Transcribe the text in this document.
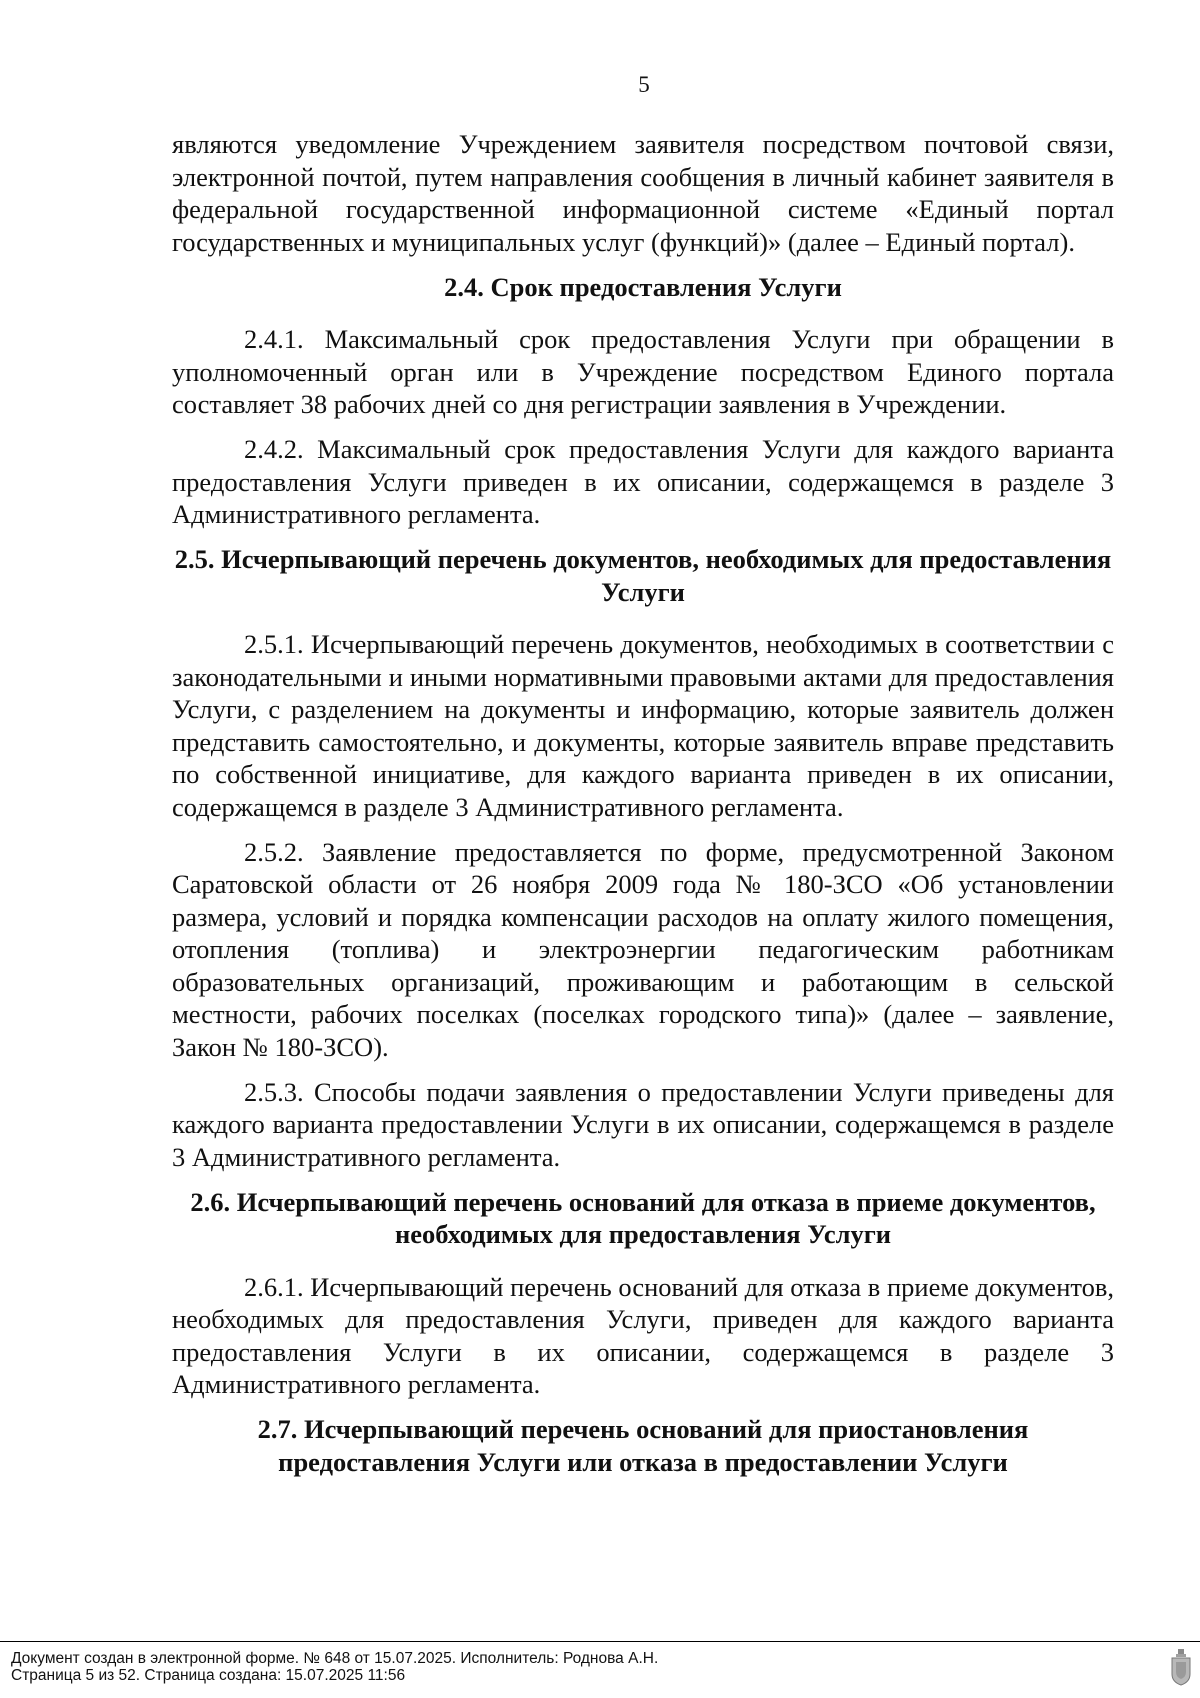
5

являются уведомление Учреждением заявителя посредством почтовой связи, электронной почтой, путем направления сообщения в личный кабинет заявителя в федеральной государственной информационной системе «Единый портал государственных и муниципальных услуг (функций)» (далее – Единый портал).

2.4. Срок предоставления Услуги

2.4.1. Максимальный срок предоставления Услуги при обращении в уполномоченный орган или в Учреждение посредством Единого портала составляет 38 рабочих дней со дня регистрации заявления в Учреждении.

2.4.2. Максимальный срок предоставления Услуги для каждого варианта предоставления Услуги приведен в их описании, содержащемся в разделе 3 Административного регламента.

2.5. Исчерпывающий перечень документов, необходимых для предоставления Услуги

2.5.1. Исчерпывающий перечень документов, необходимых в соответствии с законодательными и иными нормативными правовыми актами для предоставления Услуги, с разделением на документы и информацию, которые заявитель должен представить самостоятельно, и документы, которые заявитель вправе представить по собственной инициативе, для каждого варианта приведен в их описании, содержащемся в разделе 3 Административного регламента.

2.5.2. Заявление предоставляется по форме, предусмотренной Законом Саратовской области от 26 ноября 2009 года № 180-ЗСО «Об установлении размера, условий и порядка компенсации расходов на оплату жилого помещения, отопления (топлива) и электроэнергии педагогическим работникам образовательных организаций, проживающим и работающим в сельской местности, рабочих поселках (поселках городского типа)» (далее – заявление, Закон № 180-ЗСО).

2.5.3. Способы подачи заявления о предоставлении Услуги приведены для каждого варианта предоставлении Услуги в их описании, содержащемся в разделе 3 Административного регламента.

2.6. Исчерпывающий перечень оснований для отказа в приеме документов, необходимых для предоставления Услуги

2.6.1. Исчерпывающий перечень оснований для отказа в приеме документов, необходимых для предоставления Услуги, приведен для каждого варианта предоставления Услуги в их описании, содержащемся в разделе 3 Административного регламента.

2.7. Исчерпывающий перечень оснований для приостановления предоставления Услуги или отказа в предоставлении Услуги
Документ создан в электронной форме. № 648 от 15.07.2025. Исполнитель: Роднова А.Н.
Страница 5 из 52. Страница создана: 15.07.2025 11:56
